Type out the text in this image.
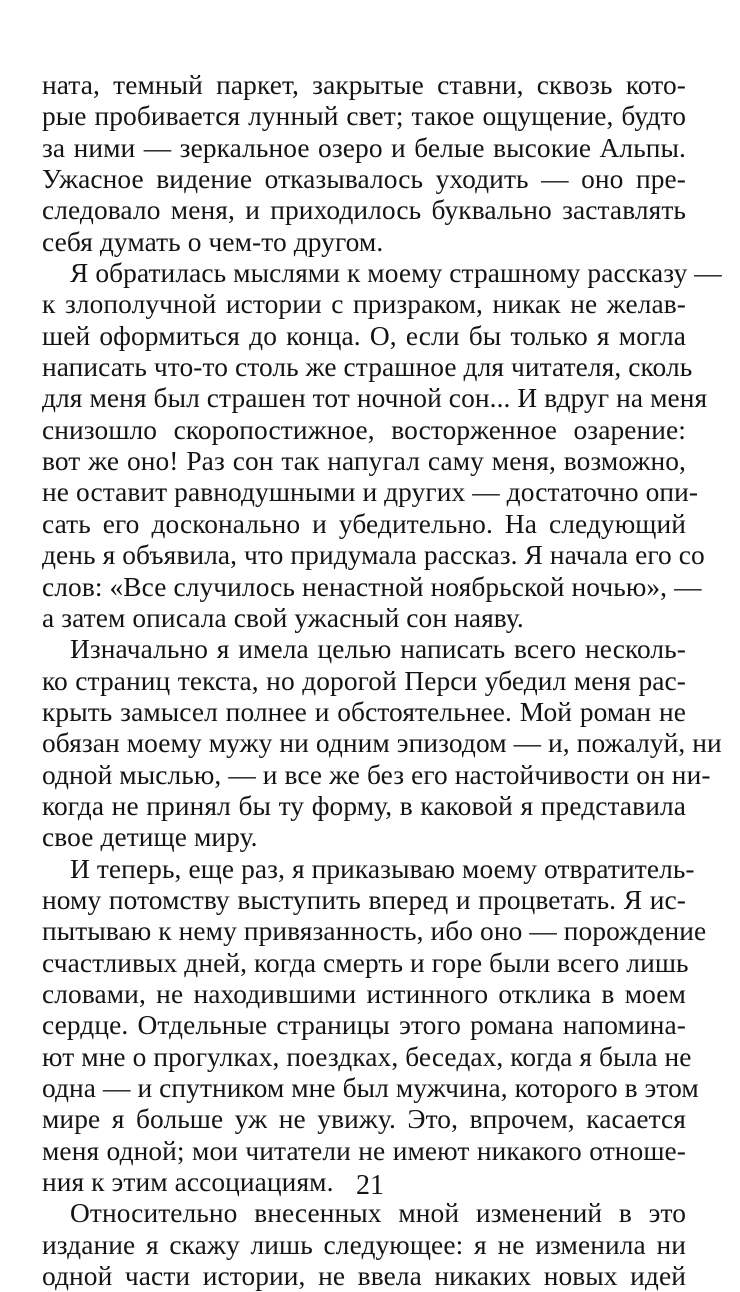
ната, темный паркет, закрытые ставни, сквозь кото-
рые пробивается лунный свет; такое ощущение, будто
за ними — зеркальное озеро и белые высокие Альпы.
Ужасное видение отказывалось уходить — оно пре-
следовало меня, и приходилось буквально заставлять
себя думать о чем-то другом.
Я обратилась мыслями к моему страшному рассказу —
к злополучной истории с призраком, никак не желав-
шей оформиться до конца. О, если бы только я могла
написать что-то столь же страшное для читателя, сколь
для меня был страшен тот ночной сон... И вдруг на меня
снизошло скоропостижное, восторженное озарение:
вот же оно! Раз сон так напугал саму меня, возможно,
не оставит равнодушными и других — достаточно опи-
сать его досконально и убедительно. На следующий
день я объявила, что придумала рассказ. Я начала его со
слов: «Все случилось ненастной ноябрьской ночью», —
а затем описала свой ужасный сон наяву.
Изначально я имела целью написать всего несколь-
ко страниц текста, но дорогой Перси убедил меня рас-
крыть замысел полнее и обстоятельнее. Мой роман не
обязан моему мужу ни одним эпизодом — и, пожалуй, ни
одной мыслью, — и все же без его настойчивости он ни-
когда не принял бы ту форму, в каковой я представила
свое детище миру.
И теперь, еще раз, я приказываю моему отвратитель-
ному потомству выступить вперед и процветать. Я ис-
пытываю к нему привязанность, ибо оно — порождение
счастливых дней, когда смерть и горе были всего лишь
словами, не находившими истинного отклика в моем
сердце. Отдельные страницы этого романа напомина-
ют мне о прогулках, поездках, беседах, когда я была не
одна — и спутником мне был мужчина, которого в этом
мире я больше уж не увижу. Это, впрочем, касается
меня одной; мои читатели не имеют никакого отноше-
ния к этим ассоциациям.
Относительно внесенных мной изменений в это
издание я скажу лишь следующее: я не изменила ни
одной части истории, не ввела никаких новых идей
21
